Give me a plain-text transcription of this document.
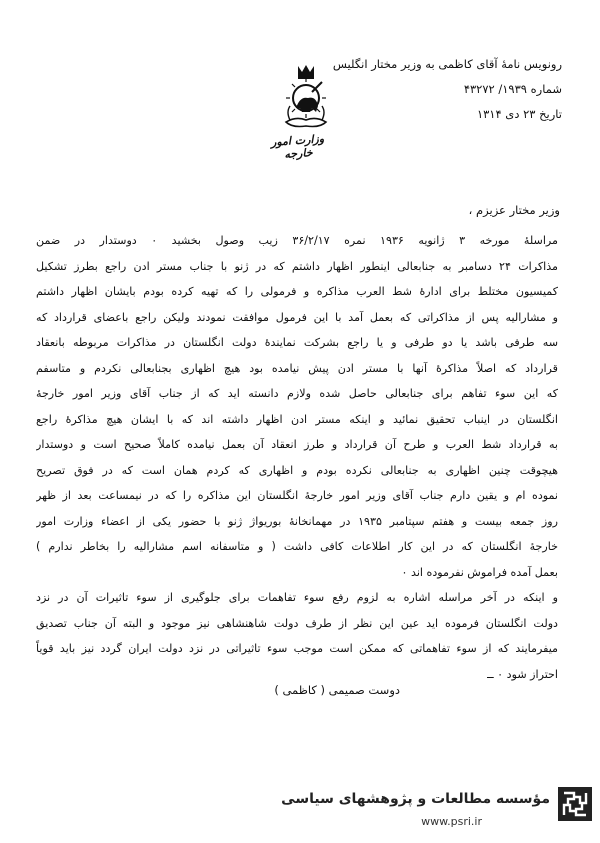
رونویس نامهٔ آقای کاظمی به وزیر مختار انگلیس
شماره ۱۹۳۹/ ۴۳۲۷۲
تاریخ ۲۳ دی ۱۳۱۴
وزارت امور خارجه
وزیر مختار عزیزم ،

مراسلهٔ مورخه ۳ ژانویه ۱۹۳۶ نمره ۳۶/۲/۱۷ زیب وصول بخشید ۰ دوستدار در ضمن
مذاکرات ۲۴ دسامبر به جنابعالی اینطور اظهار داشتم که در ژنو با جناب مستر ادن راجع بطرز تشکیل
کمیسیون مختلط برای ادارهٔ شط العرب مذاکره و فرمولی را که تهیه کرده بودم بایشان اظهار داشتم
و مشارالیه پس از مذاکراتی که بعمل آمد با این فرمول موافقت نمودند ولیکن راجع باعضای قرارداد که
سه طرفی باشد یا دو طرفی و یا راجع بشرکت نمایندهٔ دولت انگلستان در مذاکرات مربوطه بانعقاد
قرارداد که اصلاً مذاکرهٔ آنها با مستر ادن پیش نیامده بود هیچ اظهاری بجنابعالی نکردم و متاسفم
که این سوء تفاهم برای جنابعالی حاصل شده ولازم دانسته اید که از جناب آقای وزیر امور خارجهٔ
انگلستان در اینباب تحقیق نمائید و اینکه مستر ادن اظهار داشته اند که با ایشان هیچ مذاکرهٔ راجع
به قرارداد شط العرب و طرح آن قرارداد و طرز انعقاد آن بعمل نیامده کاملاً صحیح است و دوستدار
هیچوقت چنین اظهاری به جنابعالی نکرده بودم و اظهاری که کردم همان است که در فوق تصریح
نموده ام و یقین دارم جناب آقای وزیر امور خارجهٔ انگلستان این مذاکره را که در نیمساعت بعد از ظهر
روز جمعه بیست و هفتم سپتامبر ۱۹۳۵ در مهمانخانهٔ بوریواژ ژنو با حضور یکی از اعضاء وزارت امور
خارجهٔ انگلستان که در این کار اطلاعات کافی داشت ( و متاسفانه اسم مشارالیه را بخاطر ندارم )
بعمل آمده فراموش نفرموده اند ۰

و اینکه در آخر مراسله اشاره به لزوم رفع سوء تفاهمات برای جلوگیری از سوء تاثیرات آن در نزد
دولت انگلستان فرموده اید عین این نظر از طرف دولت شاهنشاهی نیز موجود و البته آن جناب تصدیق
میفرمایند که از سوء تفاهماتی که ممکن است موجب سوء تاثیراتی در نزد دولت ایران گردد نیز باید قویاً
احتراز شود ۰ ــ

دوست صمیمی ( کاظمی )
مؤسسه مطالعات و پژوهشهای سیاسی
www.psri.ir
